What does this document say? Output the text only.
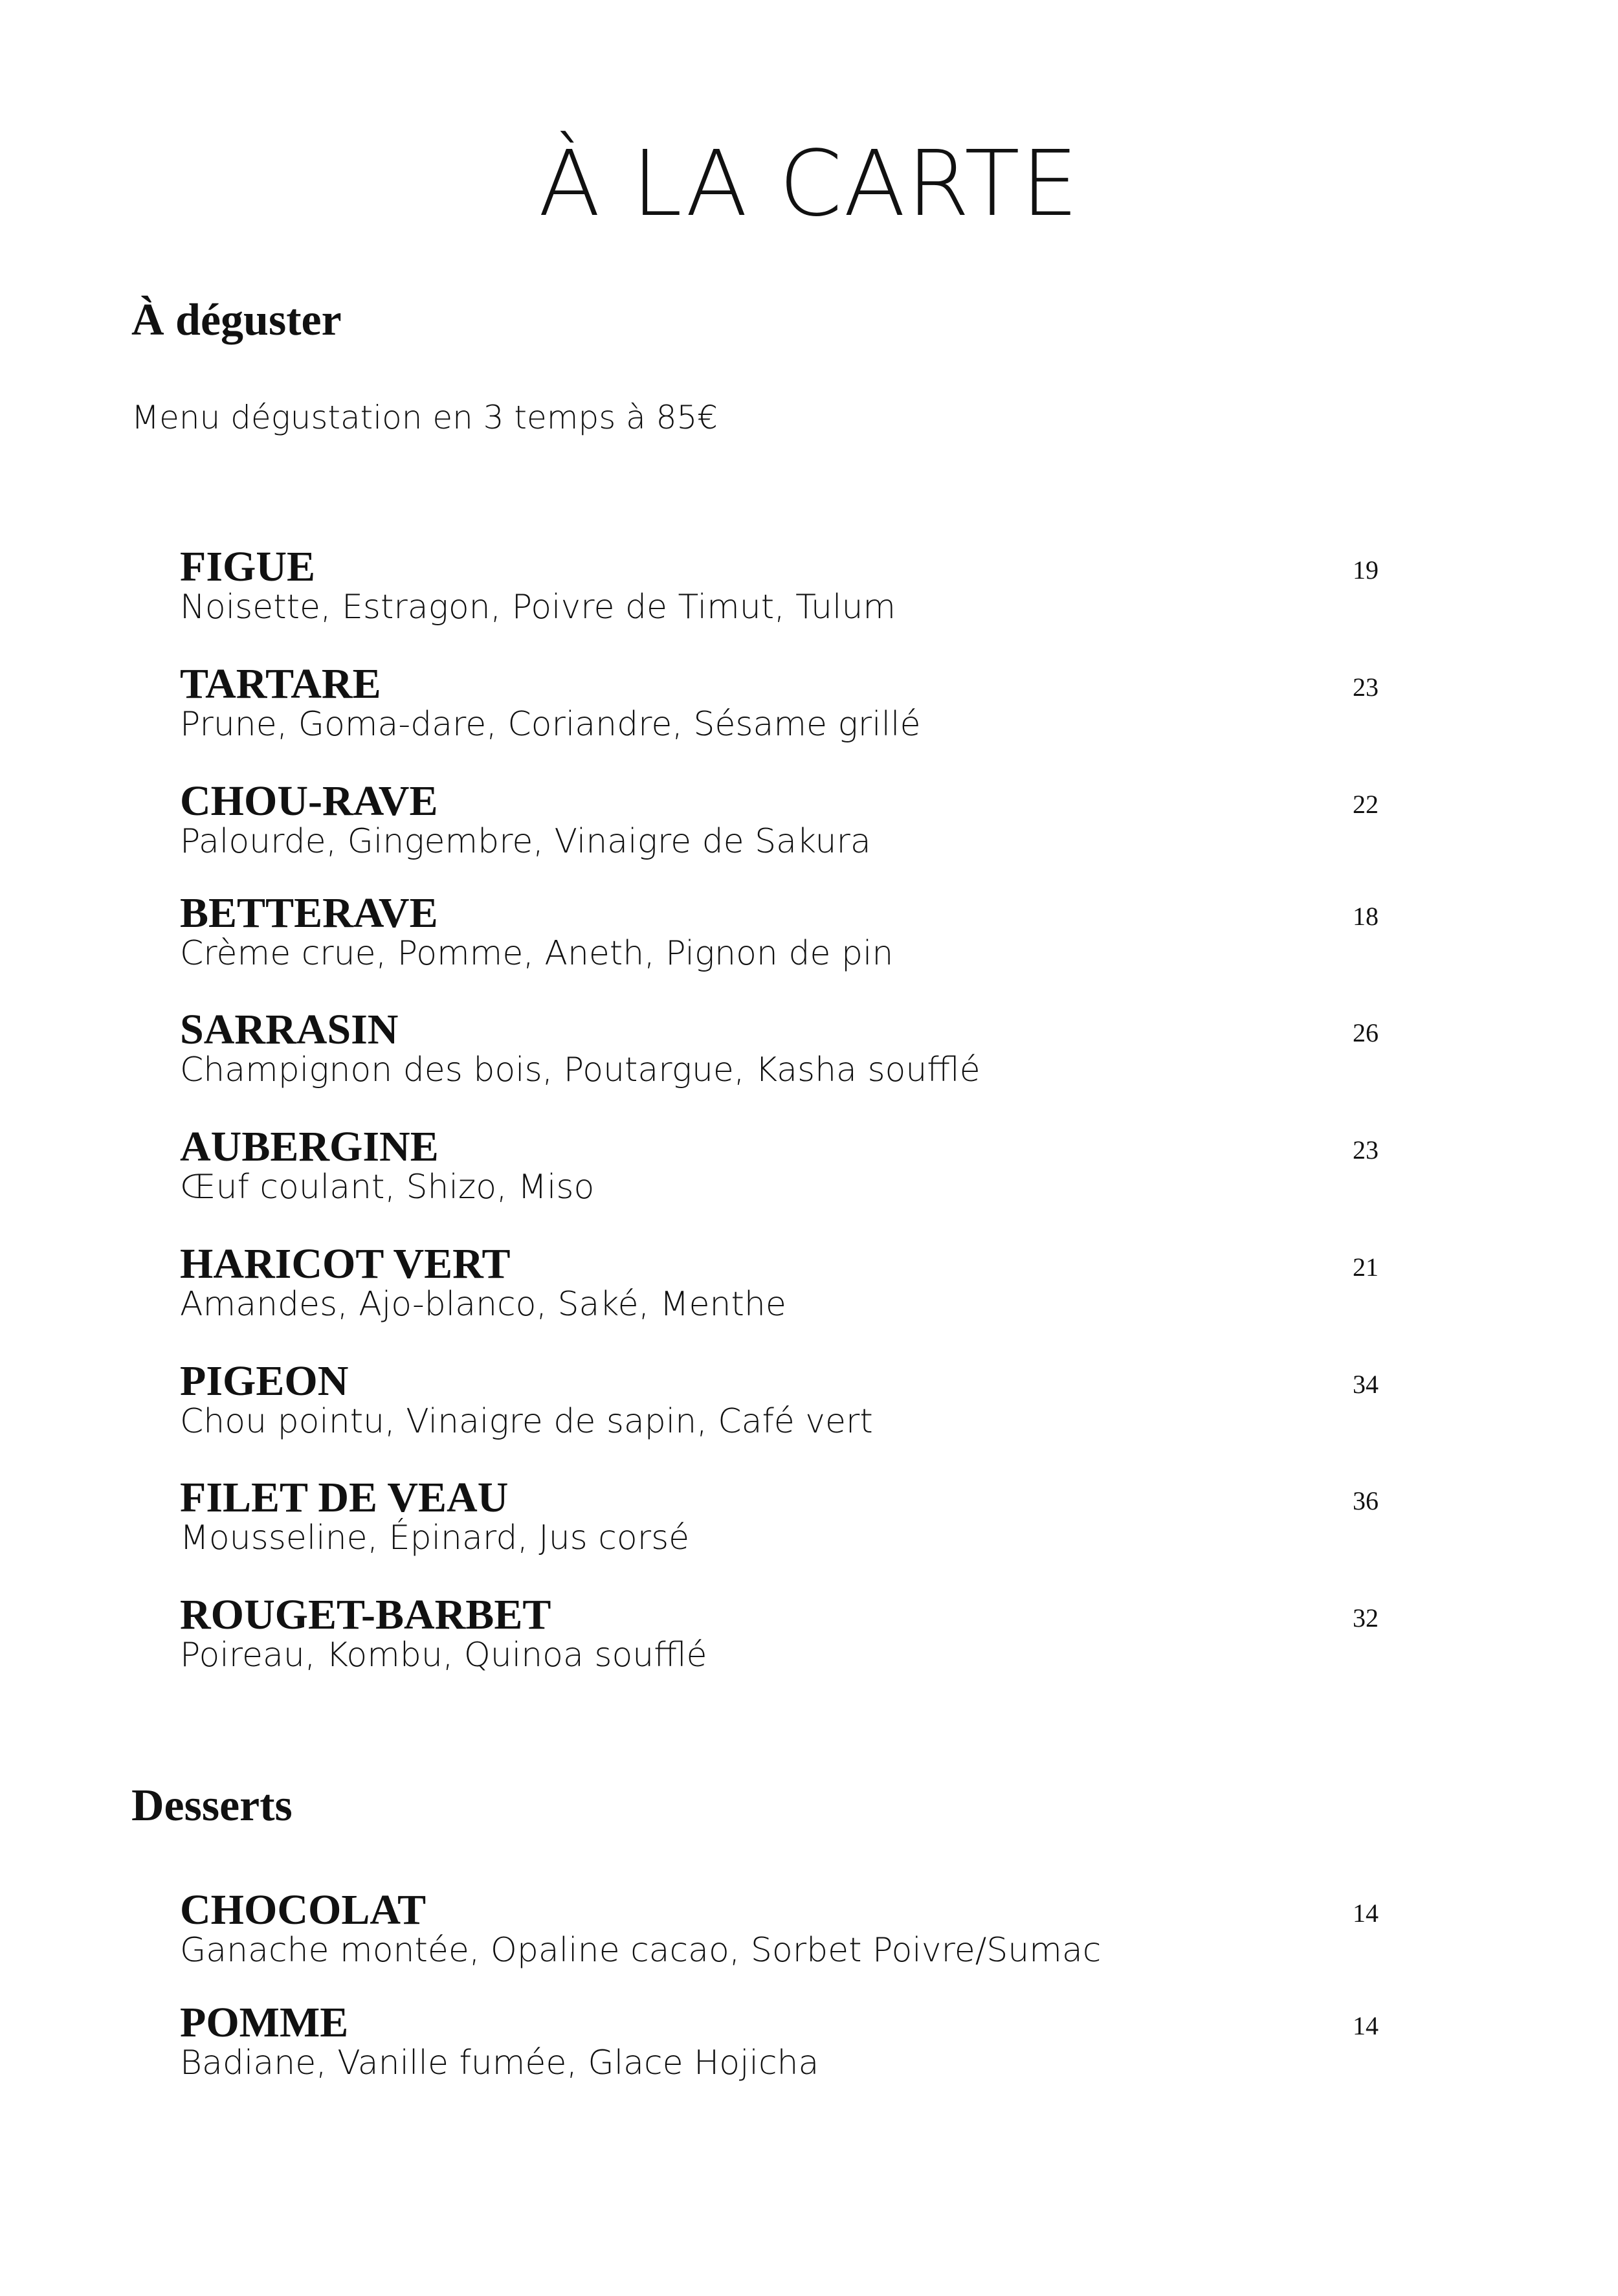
À LA CARTE
À déguster

Menu dégustation en 3 temps à 85€

FIGUE
Noisette, Estragon, Poivre de Timut, Tulum
19
TARTARE
Prune, Goma-dare, Coriandre, Sésame grillé
23
CHOU-RAVE
Palourde, Gingembre, Vinaigre de Sakura
22
BETTERAVE
Crème crue, Pomme, Aneth, Pignon de pin
18
SARRASIN
Champignon des bois, Poutargue, Kasha soufflé
26
AUBERGINE
Œuf coulant, Shizo, Miso
23
HARICOT VERT
Amandes, Ajo-blanco, Saké, Menthe
21
PIGEON
Chou pointu, Vinaigre de sapin, Café vert
34
FILET DE VEAU
Mousseline, Épinard, Jus corsé
36
ROUGET-BARBET
Poireau, Kombu, Quinoa soufflé
32
Desserts
CHOCOLAT
Ganache montée, Opaline cacao, Sorbet Poivre/Sumac
14
POMME
Badiane, Vanille fumée, Glace Hojicha
14
